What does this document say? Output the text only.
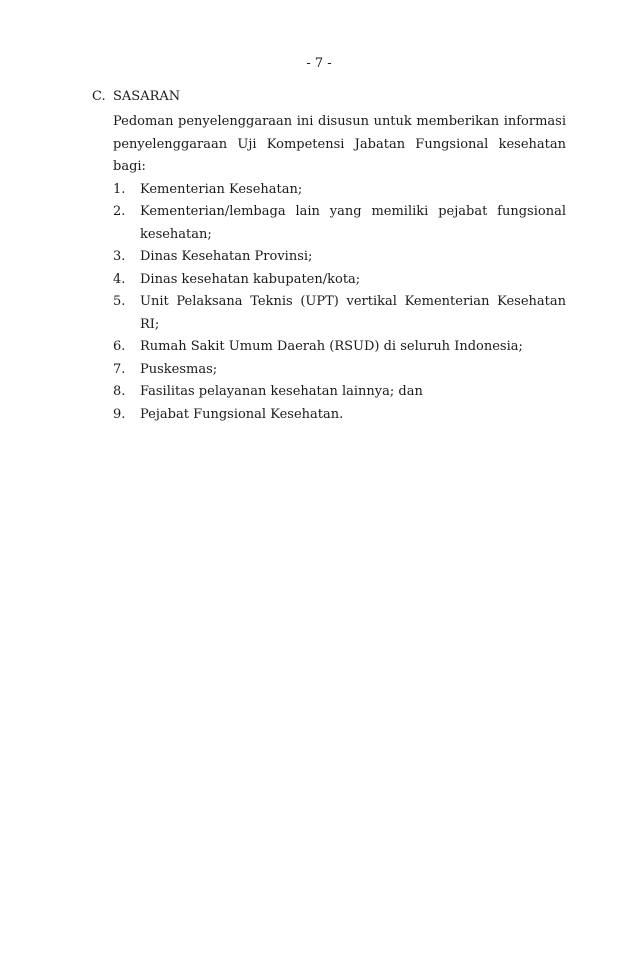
- 7 -
C. SASARAN
Pedoman penyelenggaraan ini disusun untuk memberikan informasi penyelenggaraan Uji Kompetensi Jabatan Fungsional kesehatan bagi:
1.	Kementerian Kesehatan;
2.	Kementerian/lembaga lain yang memiliki pejabat fungsional kesehatan;
3.	Dinas Kesehatan Provinsi;
4.	Dinas kesehatan kabupaten/kota;
5.	Unit Pelaksana Teknis (UPT) vertikal Kementerian Kesehatan RI;
6.	Rumah Sakit Umum Daerah (RSUD) di seluruh Indonesia;
7.	Puskesmas;
8.	Fasilitas pelayanan kesehatan lainnya; dan
9.	Pejabat Fungsional Kesehatan.
